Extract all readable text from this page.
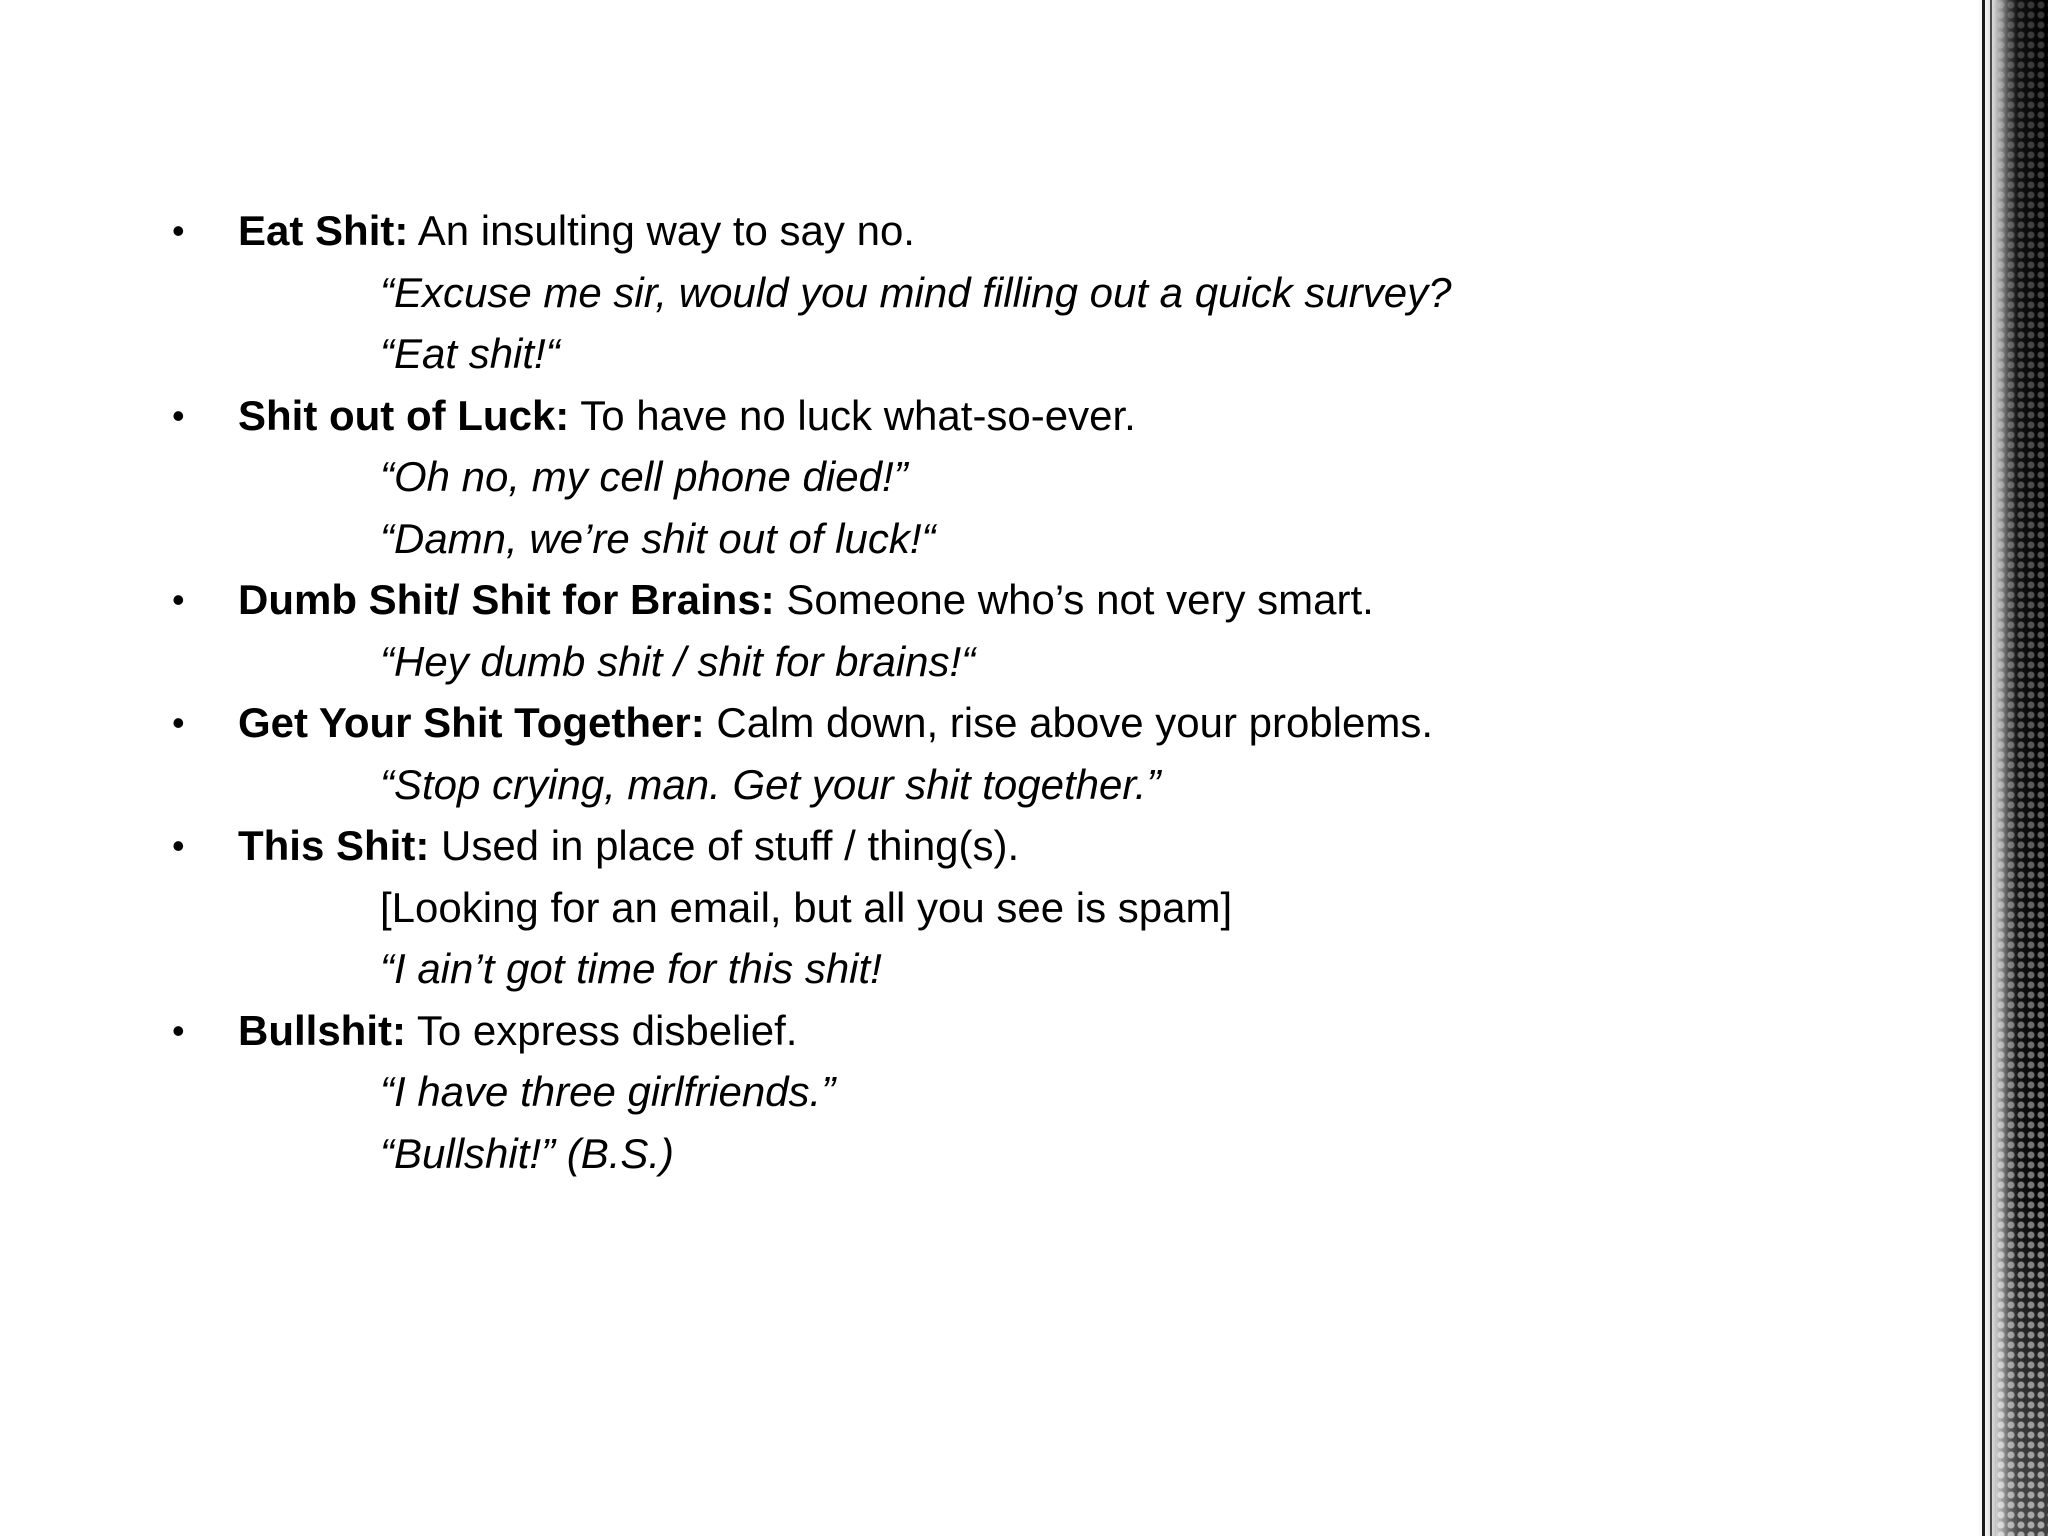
• Eat Shit: An insulting way to say no.
“Excuse me sir, would you mind filling out a quick survey?
“Eat shit!“
• Shit out of Luck: To have no luck what-so-ever.
“Oh no, my cell phone died!”
“Damn, we’re shit out of luck!“
• Dumb Shit/ Shit for Brains: Someone who’s not very smart.
“Hey dumb shit / shit for brains!“
• Get Your Shit Together: Calm down, rise above your problems.
“Stop crying, man. Get your shit together.”
• This Shit: Used in place of stuff / thing(s).
[Looking for an email, but all you see is spam]
“I ain’t got time for this shit!
• Bullshit: To express disbelief.
“I have three girlfriends.”
“Bullshit!” (B.S.)
